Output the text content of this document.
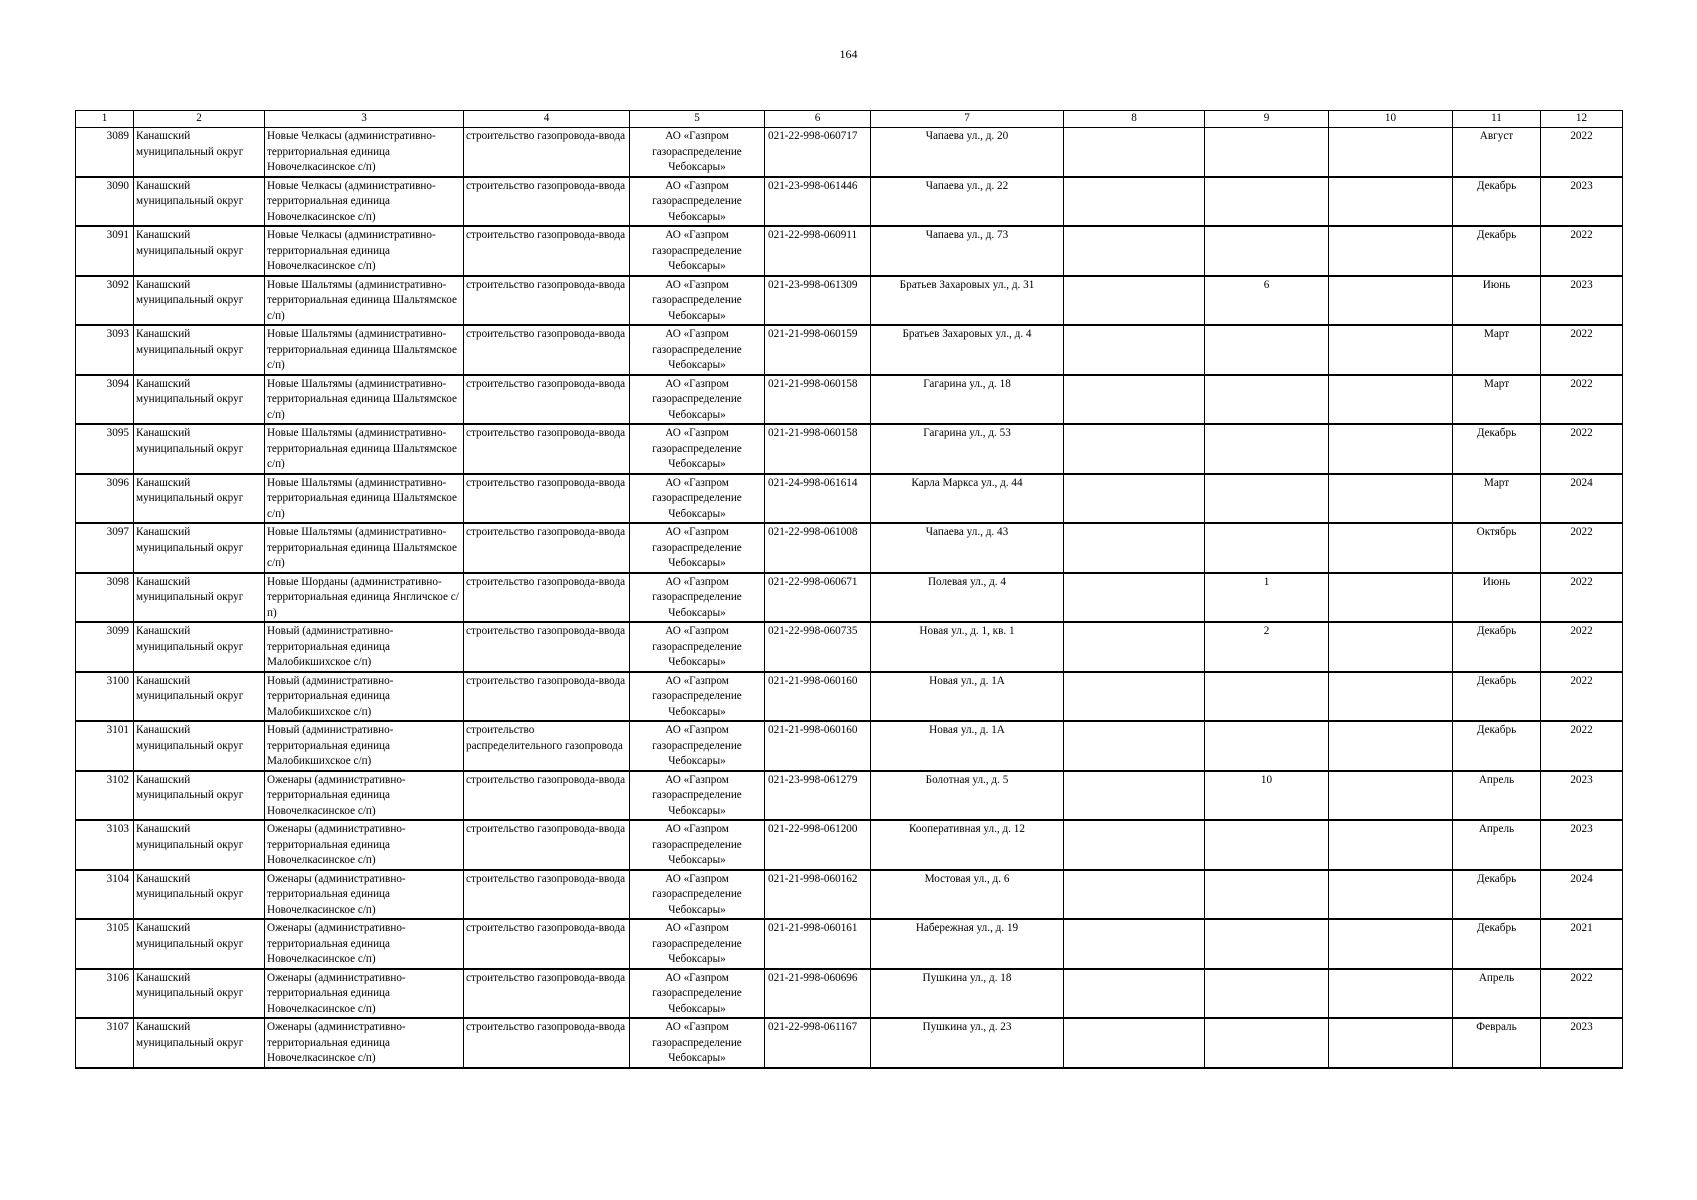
164
1	2	3	4	5	6	7	8	9	10	11	12
3089	Канашский муниципальный округ	Новые Челкасы (административно-территориальная единица Новочелкасинское с/п)	строительство газопровода-ввода	АО «Газпром газораспределение Чебоксары»	021-22-998-060717	Чапаева ул., д. 20				Август	2022
3090	Канашский муниципальный округ	Новые Челкасы (административно-территориальная единица Новочелкасинское с/п)	строительство газопровода-ввода	АО «Газпром газораспределение Чебоксары»	021-23-998-061446	Чапаева ул., д. 22				Декабрь	2023
3091	Канашский муниципальный округ	Новые Челкасы (административно-территориальная единица Новочелкасинское с/п)	строительство газопровода-ввода	АО «Газпром газораспределение Чебоксары»	021-22-998-060911	Чапаева ул., д. 73				Декабрь	2022
3092	Канашский муниципальный округ	Новые Шальтямы (административно-территориальная единица Шальтямское с/п)	строительство газопровода-ввода	АО «Газпром газораспределение Чебоксары»	021-23-998-061309	Братьев Захаровых ул., д. 31		6		Июнь	2023
3093	Канашский муниципальный округ	Новые Шальтямы (административно-территориальная единица Шальтямское с/п)	строительство газопровода-ввода	АО «Газпром газораспределение Чебоксары»	021-21-998-060159	Братьев Захаровых ул., д. 4				Март	2022
3094	Канашский муниципальный округ	Новые Шальтямы (административно-территориальная единица Шальтямское с/п)	строительство газопровода-ввода	АО «Газпром газораспределение Чебоксары»	021-21-998-060158	Гагарина ул., д. 18				Март	2022
3095	Канашский муниципальный округ	Новые Шальтямы (административно-территориальная единица Шальтямское с/п)	строительство газопровода-ввода	АО «Газпром газораспределение Чебоксары»	021-21-998-060158	Гагарина ул., д. 53				Декабрь	2022
3096	Канашский муниципальный округ	Новые Шальтямы (административно-территориальная единица Шальтямское с/п)	строительство газопровода-ввода	АО «Газпром газораспределение Чебоксары»	021-24-998-061614	Карла Маркса ул., д. 44				Март	2024
3097	Канашский муниципальный округ	Новые Шальтямы (административно-территориальная единица Шальтямское с/п)	строительство газопровода-ввода	АО «Газпром газораспределение Чебоксары»	021-22-998-061008	Чапаева ул., д. 43				Октябрь	2022
3098	Канашский муниципальный округ	Новые Шорданы (административно-территориальная единица Янгличское с/п)	строительство газопровода-ввода	АО «Газпром газораспределение Чебоксары»	021-22-998-060671	Полевая ул., д. 4		1		Июнь	2022
3099	Канашский муниципальный округ	Новый (административно-территориальная единица Малобикшихское с/п)	строительство газопровода-ввода	АО «Газпром газораспределение Чебоксары»	021-22-998-060735	Новая ул., д. 1, кв. 1		2		Декабрь	2022
3100	Канашский муниципальный округ	Новый (административно-территориальная единица Малобикшихское с/п)	строительство газопровода-ввода	АО «Газпром газораспределение Чебоксары»	021-21-998-060160	Новая ул., д. 1А				Декабрь	2022
3101	Канашский муниципальный округ	Новый (административно-территориальная единица Малобикшихское с/п)	строительство распределительного газопровода	АО «Газпром газораспределение Чебоксары»	021-21-998-060160	Новая ул., д. 1А				Декабрь	2022
3102	Канашский муниципальный округ	Оженары (административно-территориальная единица Новочелкасинское с/п)	строительство газопровода-ввода	АО «Газпром газораспределение Чебоксары»	021-23-998-061279	Болотная ул., д. 5		10		Апрель	2023
3103	Канашский муниципальный округ	Оженары (административно-территориальная единица Новочелкасинское с/п)	строительство газопровода-ввода	АО «Газпром газораспределение Чебоксары»	021-22-998-061200	Кооперативная ул., д. 12				Апрель	2023
3104	Канашский муниципальный округ	Оженары (административно-территориальная единица Новочелкасинское с/п)	строительство газопровода-ввода	АО «Газпром газораспределение Чебоксары»	021-21-998-060162	Мостовая ул., д. 6				Декабрь	2024
3105	Канашский муниципальный округ	Оженары (административно-территориальная единица Новочелкасинское с/п)	строительство газопровода-ввода	АО «Газпром газораспределение Чебоксары»	021-21-998-060161	Набережная ул., д. 19				Декабрь	2021
3106	Канашский муниципальный округ	Оженары (административно-территориальная единица Новочелкасинское с/п)	строительство газопровода-ввода	АО «Газпром газораспределение Чебоксары»	021-21-998-060696	Пушкина ул., д. 18				Апрель	2022
3107	Канашский муниципальный округ	Оженары (административно-территориальная единица Новочелкасинское с/п)	строительство газопровода-ввода	АО «Газпром газораспределение Чебоксары»	021-22-998-061167	Пушкина ул., д. 23				Февраль	2023
